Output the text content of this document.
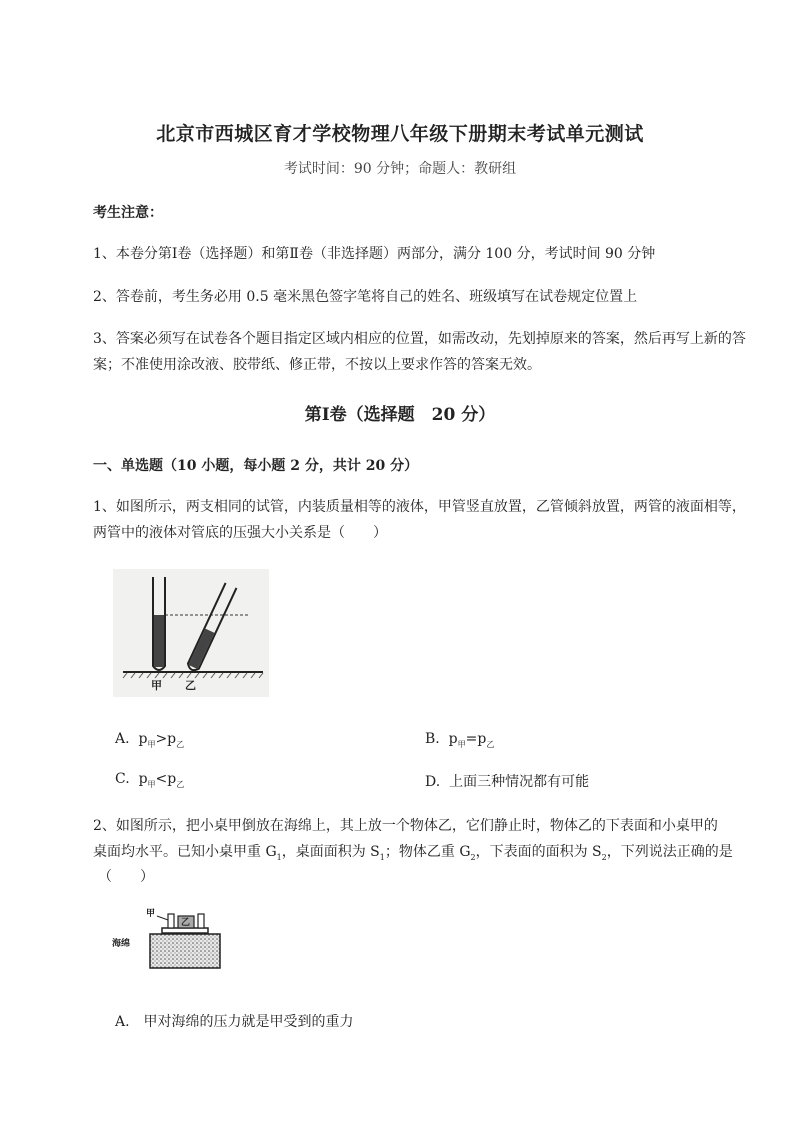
北京市西城区育才学校物理八年级下册期末考试单元测试
考试时间：90 分钟；命题人：教研组
考生注意：
1、本卷分第Ⅰ卷（选择题）和第Ⅱ卷（非选择题）两部分，满分 100 分，考试时间 90 分钟
2、答卷前，考生务必用 0.5 毫米黑色签字笔将自己的姓名、班级填写在试卷规定位置上
3、答案必须写在试卷各个题目指定区域内相应的位置，如需改动，先划掉原来的答案，然后再写上新的答案；不准使用涂改液、胶带纸、修正带，不按以上要求作答的答案无效。
第Ⅰ卷（选择题　20 分）
一、单选题（10 小题，每小题 2 分，共计 20 分）
1、如图所示，两支相同的试管，内装质量相等的液体，甲管竖直放置，乙管倾斜放置，两管的液面相等，两管中的液体对管底的压强大小关系是（　　）
甲 乙
A. $p_甲>p_乙$	B. $p_甲=p_乙$
C. $p_甲<p_乙$	D. 上面三种情况都有可能
2、如图所示，把小桌甲倒放在海绵上，其上放一个物体乙，它们静止时，物体乙的下表面和小桌甲的
桌面均水平。已知小桌甲重 $G_1$，桌面面积为 $S_1$；物体乙重 $G_2$，下表面的面积为 $S_2$，下列说法正确的是
（　　）
甲
乙
海绵
A.　甲对海绵的压力就是甲受到的重力
